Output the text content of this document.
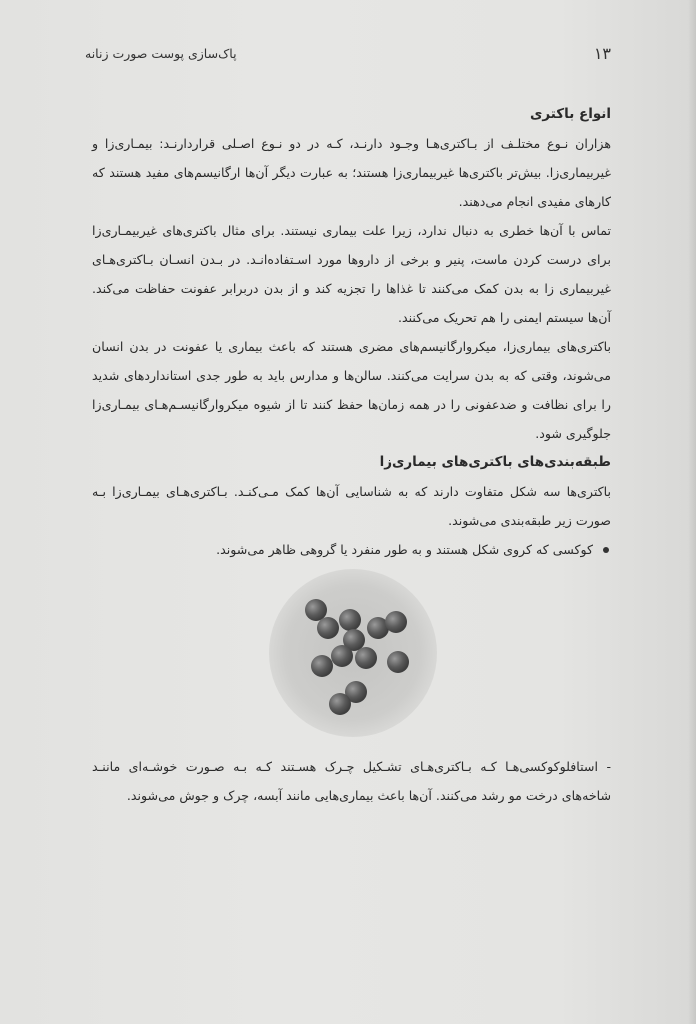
۱۳
پاک‌سازی پوست صورت زنانه

انواع باکتری

هزاران نـوع مختلـف از بـاکتری‌هـا وجـود دارنـد، کـه در دو نـوع اصـلی قراردارنـد: بیمـاری‌زا و غیربیماری‌زا. بیش‌تر باکتری‌ها غیربیماری‌زا هستند؛ به عبارت دیگر آن‌ها ارگانیسم‌های مفید هستند که کارهای مفیدی انجام می‌دهند.

تماس با آن‌ها خطری به دنبال ندارد، زیرا علت بیماری نیستند. برای مثال باکتری‌های غیربیمـاری‌زا برای درست کردن ماست، پنیر و برخی از داروها مورد اسـتفاده‌انـد. در بـدن انسـان بـاکتری‌هـای غیربیماری زا به بدن کمک می‌کنند تا غذاها را تجزیه کند و از بدن دربرابر عفونت حفاظت می‌کند. آن‌ها سیستم ایمنی را هم تحریک می‌کنند.

باکتری‌های بیماری‌زا، میکروارگانیسم‌های مضری هستند که باعث بیماری یا عفونت در بدن انسان می‌شوند، وقتی که به بدن سرایت می‌کنند. سالن‌ها و مدارس باید به طور جدی استانداردهای شدید را برای نظافت و ضدعفونی را در همه زمان‌ها حفظ کنند تا از شیوه میکروارگانیسـم‌هـای بیمـاری‌زا جلوگیری شود.

طبقه‌بندی‌های باکتری‌های بیماری‌زا

باکتری‌ها سه شکل متفاوت دارند که به شناسایی آن‌ها کمک مـی‌کنـد. بـاکتری‌هـای بیمـاری‌زا بـه صورت زیر طبقه‌بندی می‌شوند.

کوکسی که کروی شکل هستند و به طور منفرد یا گروهی ظاهر می‌شوند.

- استافلوکوکسی‌هـا کـه بـاکتری‌هـای تشـکیل چـرک هسـتند کـه بـه صـورت خوشـه‌ای ماننـد شاخه‌های درخت مو رشد می‌کنند. آن‌ها باعث بیماری‌هایی مانند آبسه، چرک و جوش می‌شوند.
